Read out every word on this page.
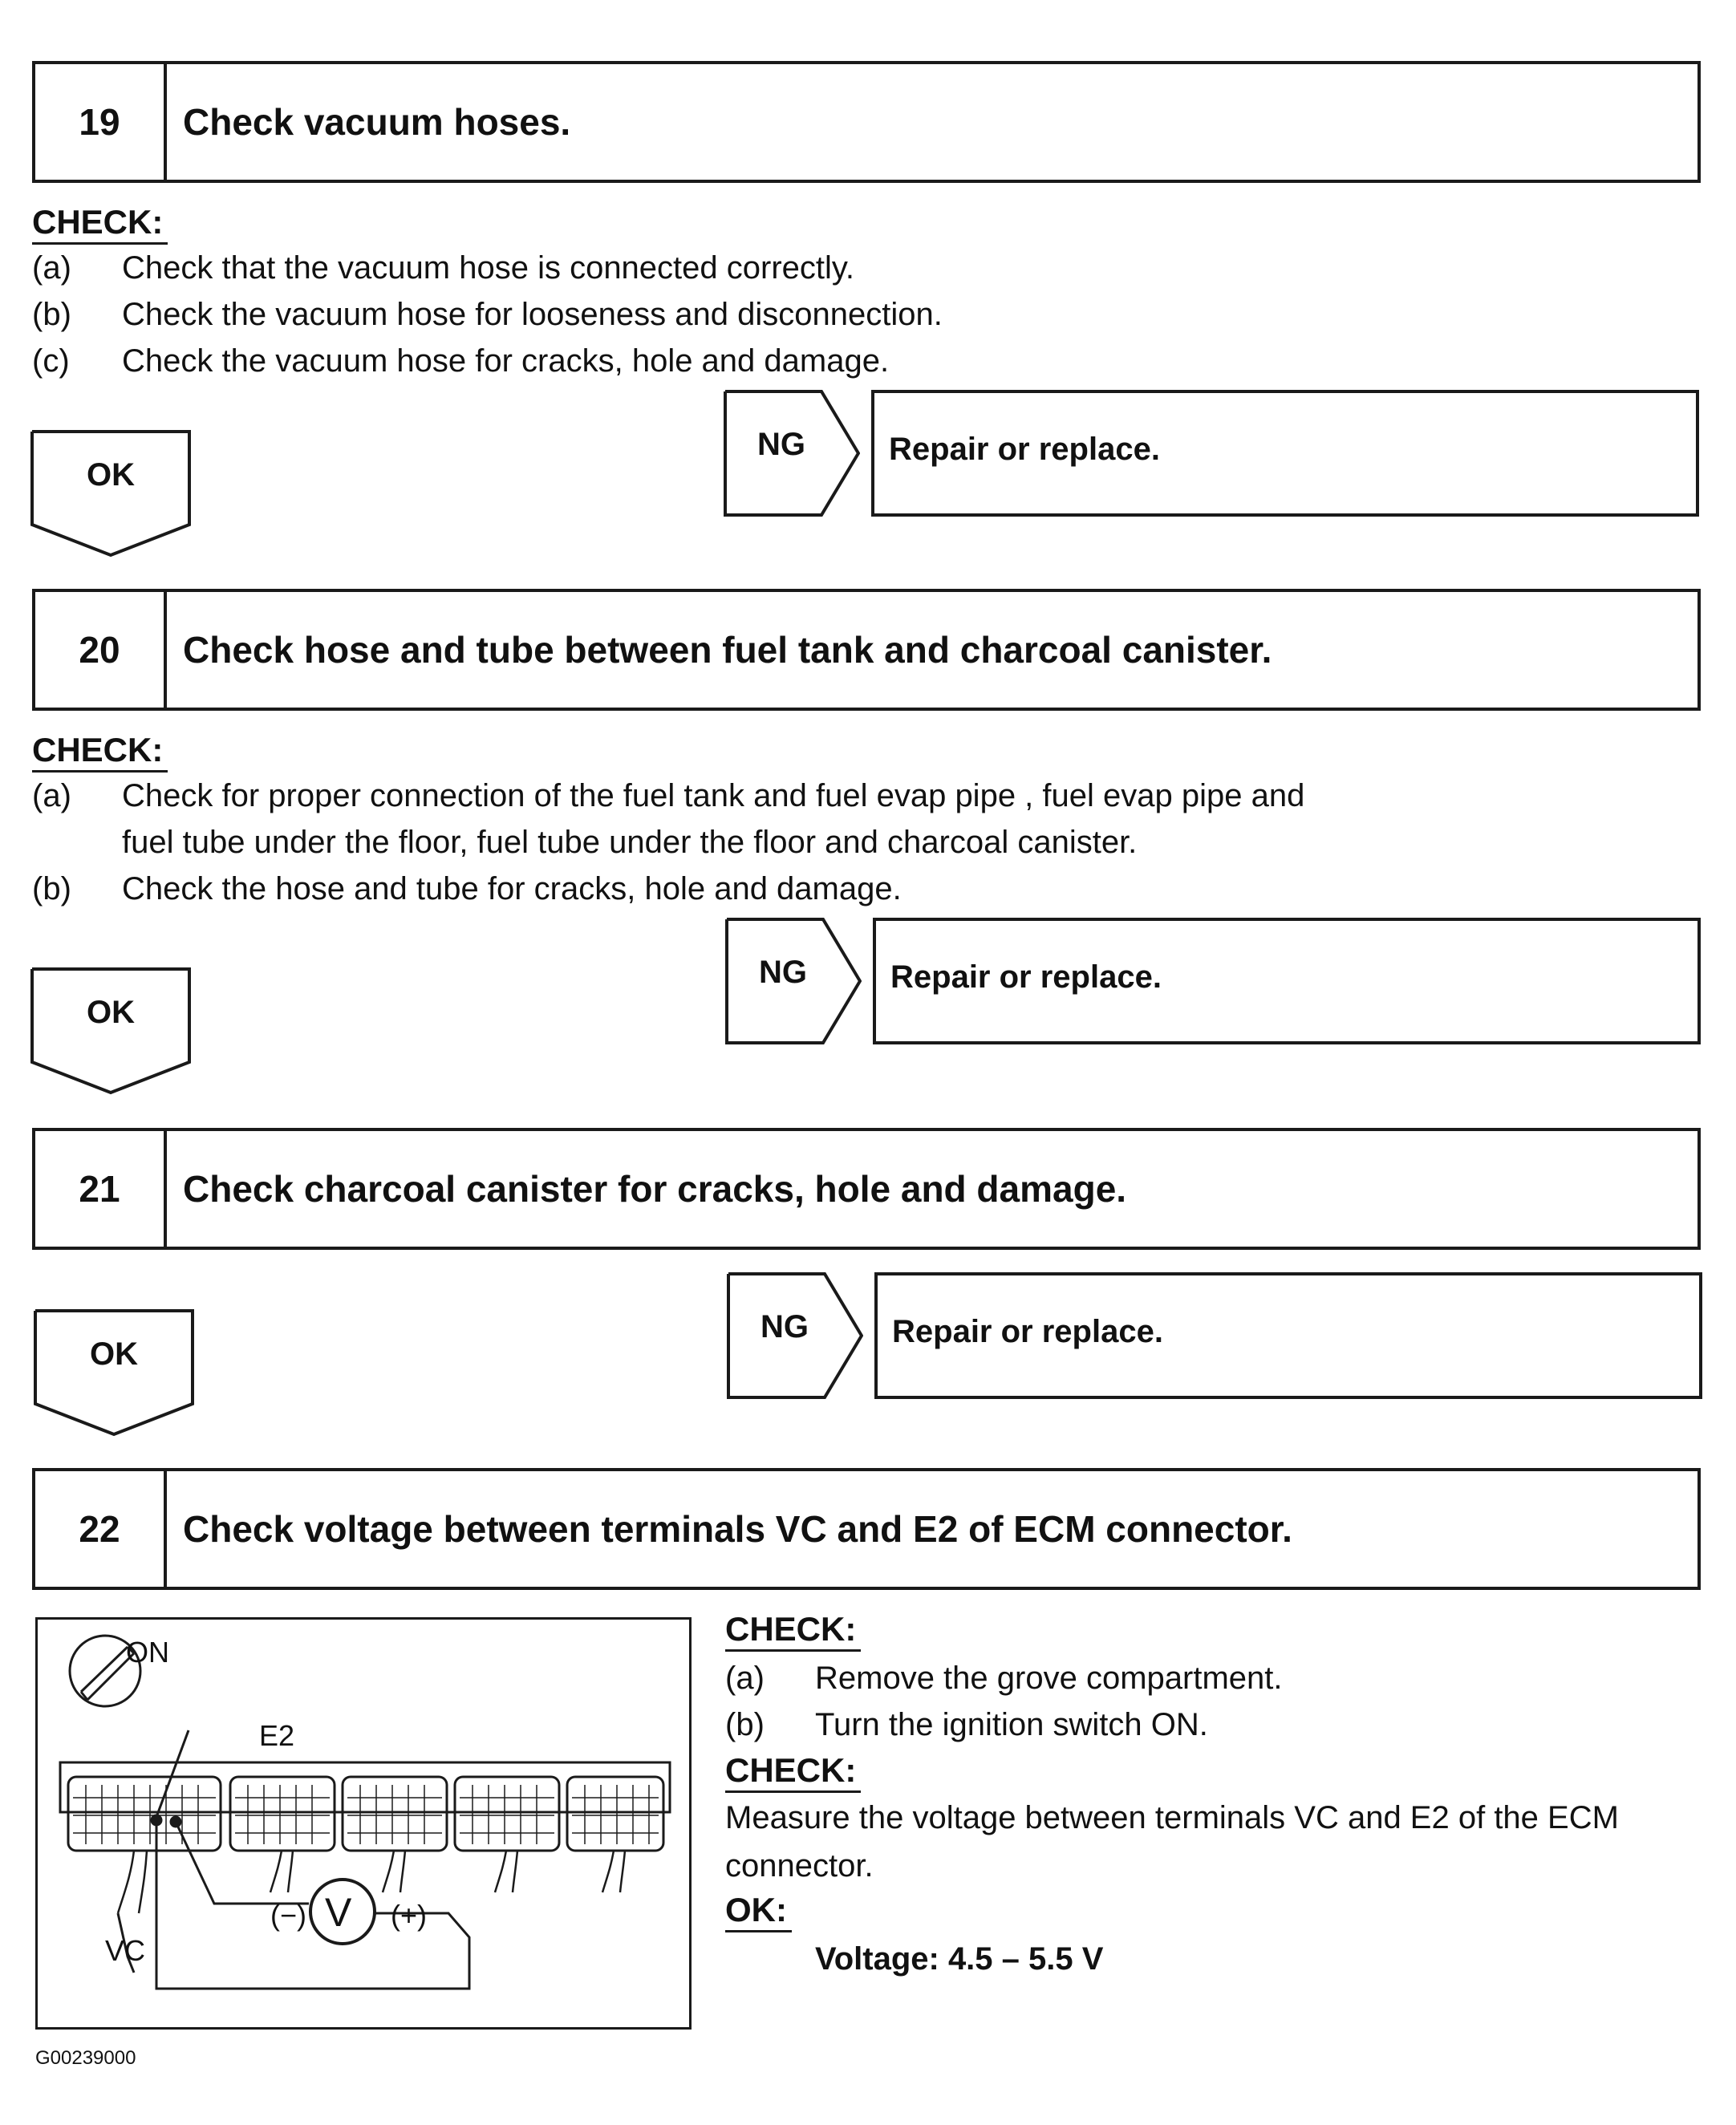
19	Check vacuum hoses.
CHECK:
(a) Check that the vacuum hose is connected correctly.
(b) Check the vacuum hose for looseness and disconnection.
(c) Check the vacuum hose for cracks, hole and damage.
OK
NG	Repair or replace.
20	Check hose and tube between fuel tank and charcoal canister.
CHECK:
(a) Check for proper connection of the fuel tank and fuel evap pipe , fuel evap pipe and
fuel tube under the floor, fuel tube under the floor and charcoal canister.
(b) Check the hose and tube for cracks, hole and damage.
OK
NG	Repair or replace.
21	Check charcoal canister for cracks, hole and damage.
OK
NG	Repair or replace.
22	Check voltage between terminals VC and E2 of ECM connector.
ON
E2
VC
(−)	(+)
V
CHECK:
(a) Remove the grove compartment.
(b) Turn the ignition switch ON.
CHECK:
Measure the voltage between terminals VC and E2 of the ECM
connector.
OK:
Voltage: 4.5 – 5.5 V
G00239000
